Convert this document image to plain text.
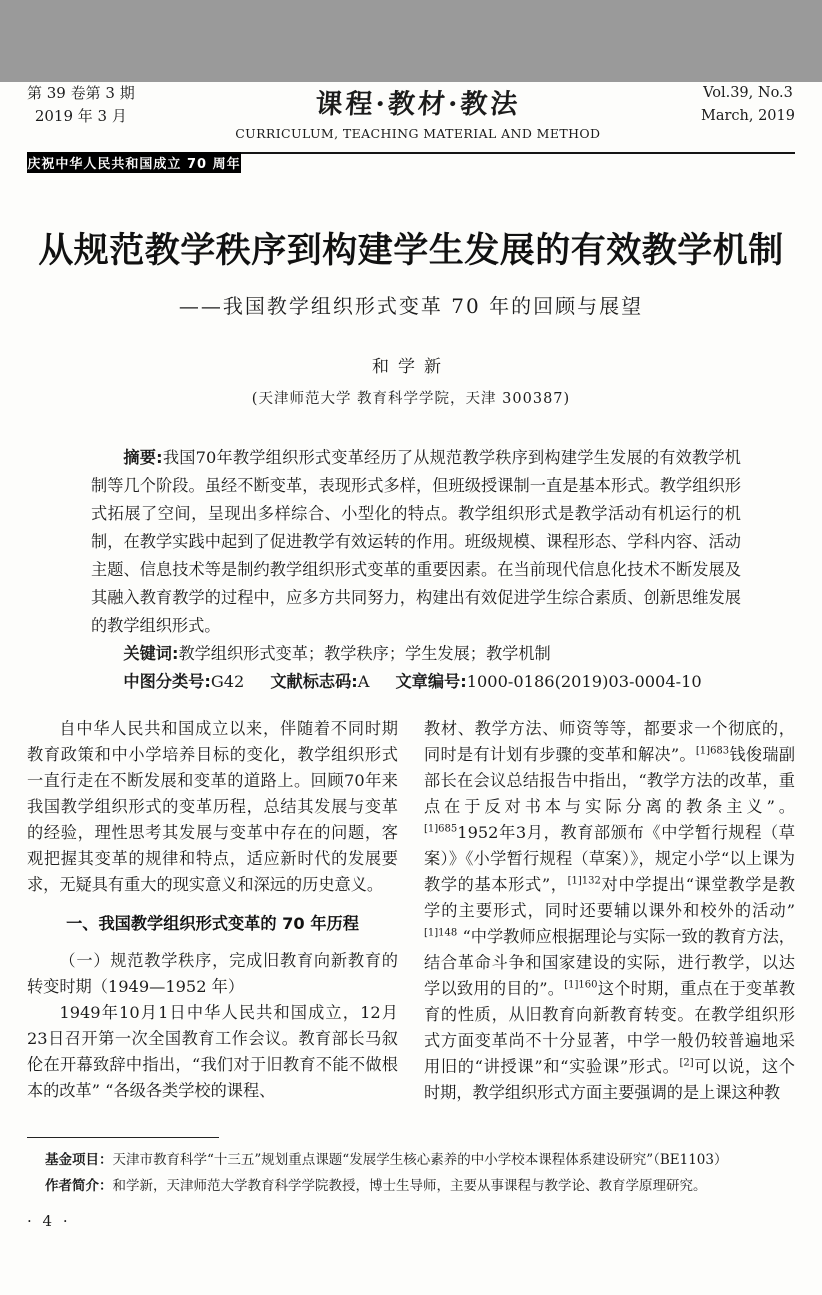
第 39 卷第 3 期
2019 年 3 月	课程·教材·教法
CURRICULUM, TEACHING MATERIAL AND METHOD
Vol.39, No.3
March, 2019
庆祝中华人民共和国成立 70 周年
从规范教学秩序到构建学生发展的有效教学机制
——我国教学组织形式变革 70 年的回顾与展望
和学新
(天津师范大学 教育科学学院，天津 300387)

摘要:我国70年教学组织形式变革经历了从规范教学秩序到构建学生发展的有效教学机制等几个阶段。虽经不断变革，表现形式多样，但班级授课制一直是基本形式。教学组织形式拓展了空间，呈现出多样综合、小型化的特点。教学组织形式是教学活动有机运行的机制，在教学实践中起到了促进教学有效运转的作用。班级规模、课程形态、学科内容、活动主题、信息技术等是制约教学组织形式变革的重要因素。在当前现代信息化技术不断发展及其融入教育教学的过程中，应多方共同努力，构建出有效促进学生综合素质、创新思维发展的教学组织形式。

关键词:教学组织形式变革；教学秩序；学生发展；教学机制

中图分类号:G42 文献标志码:A 文章编号:1000-0186(2019)03-0004-10

自中华人民共和国成立以来，伴随着不同时期教育政策和中小学培养目标的变化，教学组织形式一直行走在不断发展和变革的道路上。回顾70年来我国教学组织形式的变革历程，总结其发展与变革的经验，理性思考其发展与变革中存在的问题，客观把握其变革的规律和特点，适应新时代的发展要求，无疑具有重大的现实意义和深远的历史意义。

一、我国教学组织形式变革的 70 年历程

（一）规范教学秩序，完成旧教育向新教育的转变时期（1949—1952 年）

1949年10月1日中华人民共和国成立，12月23日召开第一次全国教育工作会议。教育部长马叙伦在开幕致辞中指出，“我们对于旧教育不能不做根本的改革” “各级各类学校的课程、

教材、教学方法、师资等等，都要求一个彻底的，同时是有计划有步骤的变革和解决”。$^{[1]683}$钱俊瑞副部长在会议总结报告中指出，“教学方法的改革，重点在于反对书本与实际分离的教条主义”。$^{[1]685}$1952年3月，教育部颁布《中学暂行规程（草案）》《小学暂行规程（草案）》，规定小学“以上课为教学的基本形式”，$^{[1]132}$对中学提出“课堂教学是教学的主要形式，同时还要辅以课外和校外的活动”$^{[1]148}$ “中学教师应根据理论与实际一致的教育方法，结合革命斗争和国家建设的实际，进行教学，以达学以致用的目的”。$^{[1]160}$这个时期，重点在于变革教育的性质，从旧教育向新教育转变。在教学组织形式方面变革尚不十分显著，中学一般仍较普遍地采用旧的“讲授课”和“实验课”形式。[2]可以说，这个时期，教学组织形式方面主要强调的是上课这种教

基金项目：天津市教育科学“十三五”规划重点课题“发展学生核心素养的中小学校本课程体系建设研究”（BE1103）

作者简介：和学新，天津师范大学教育科学学院教授，博士生导师，主要从事课程与教学论、教育学原理研究。

· 4 ·
